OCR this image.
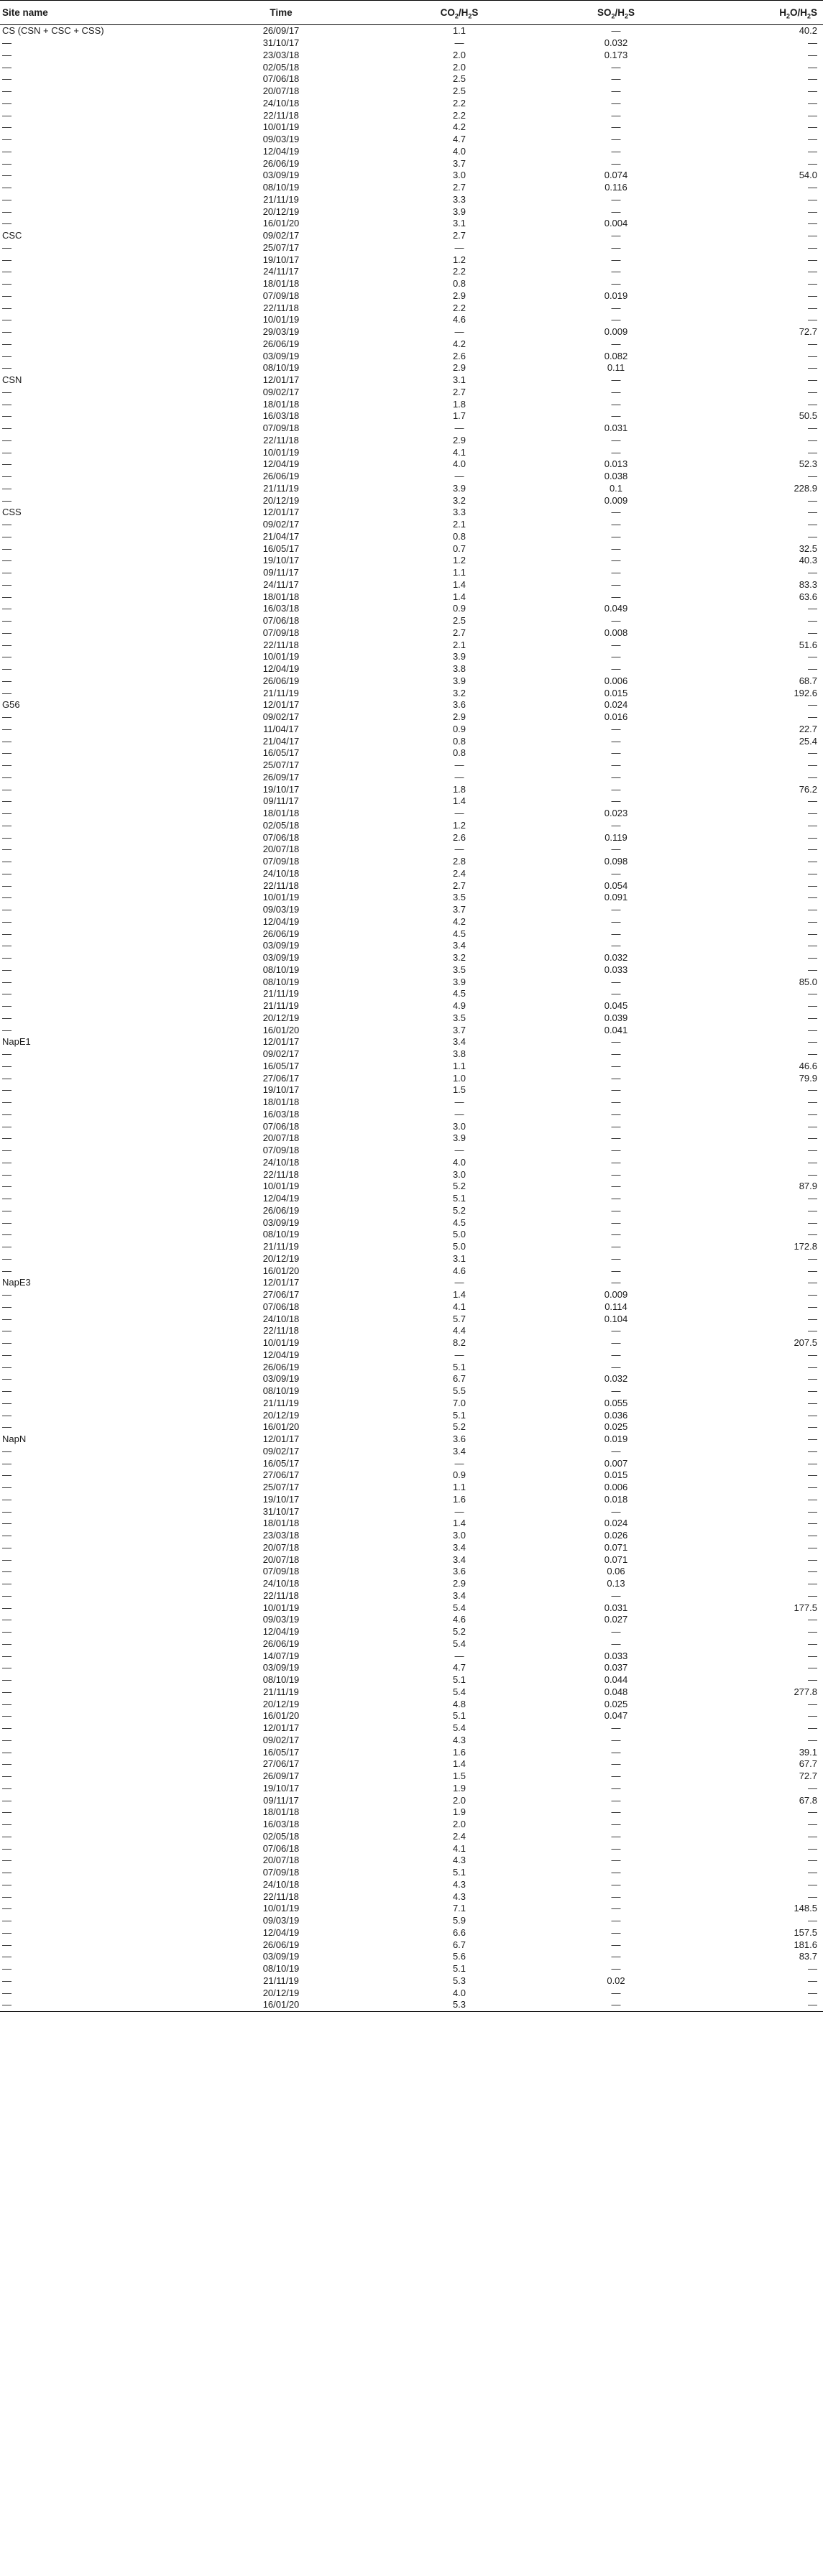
Site name	Time	$CO_2/H_2S$	$SO_2/H_2S$	$H_2O/H_2S$
CS (CSN + CSC + CSS)	26/09/17	1.1	—	40.2
—	31/10/17	—	0.032	—
—	23/03/18	2.0	0.173	—
—	02/05/18	2.0	—	—
—	07/06/18	2.5	—	—
—	20/07/18	2.5	—	—
—	24/10/18	2.2	—	—
—	22/11/18	2.2	—	—
—	10/01/19	4.2	—	—
—	09/03/19	4.7	—	—
—	12/04/19	4.0	—	—
—	26/06/19	3.7	—	—
—	03/09/19	3.0	0.074	54.0
—	08/10/19	2.7	0.116	—
—	21/11/19	3.3	—	—
—	20/12/19	3.9	—	—
—	16/01/20	3.1	0.004	—
CSC	09/02/17	2.7	—	—
—	25/07/17	—	—	—
—	19/10/17	1.2	—	—
—	24/11/17	2.2	—	—
—	18/01/18	0.8	—	—
—	07/09/18	2.9	0.019	—
—	22/11/18	2.2	—	—
—	10/01/19	4.6	—	—
—	29/03/19	—	0.009	72.7
—	26/06/19	4.2	—	—
—	03/09/19	2.6	0.082	—
—	08/10/19	2.9	0.11	—
CSN	12/01/17	3.1	—	—
—	09/02/17	2.7	—	—
—	18/01/18	1.8	—	—
—	16/03/18	1.7	—	50.5
—	07/09/18	—	0.031	—
—	22/11/18	2.9	—	—
—	10/01/19	4.1	—	—
—	12/04/19	4.0	0.013	52.3
—	26/06/19	—	0.038	—
—	21/11/19	3.9	0.1	228.9
—	20/12/19	3.2	0.009	—
CSS	12/01/17	3.3	—	—
—	09/02/17	2.1	—	—
—	21/04/17	0.8	—	—
—	16/05/17	0.7	—	32.5
—	19/10/17	1.2	—	40.3
—	09/11/17	1.1	—	—
—	24/11/17	1.4	—	83.3
—	18/01/18	1.4	—	63.6
—	16/03/18	0.9	0.049	—
—	07/06/18	2.5	—	—
—	07/09/18	2.7	0.008	—
—	22/11/18	2.1	—	51.6
—	10/01/19	3.9	—	—
—	12/04/19	3.8	—	—
—	26/06/19	3.9	0.006	68.7
—	21/11/19	3.2	0.015	192.6
G56	12/01/17	3.6	0.024	—
—	09/02/17	2.9	0.016	—
—	11/04/17	0.9	—	22.7
—	21/04/17	0.8	—	25.4
—	16/05/17	0.8	—	—
—	25/07/17	—	—	—
—	26/09/17	—	—	—
—	19/10/17	1.8	—	76.2
—	09/11/17	1.4	—	—
—	18/01/18	—	0.023	—
—	02/05/18	1.2	—	—
—	07/06/18	2.6	0.119	—
—	20/07/18	—	—	—
—	07/09/18	2.8	0.098	—
—	24/10/18	2.4	—	—
—	22/11/18	2.7	0.054	—
—	10/01/19	3.5	0.091	—
—	09/03/19	3.7	—	—
—	12/04/19	4.2	—	—
—	26/06/19	4.5	—	—
—	03/09/19	3.4	—	—
—	03/09/19	3.2	0.032	—
—	08/10/19	3.5	0.033	—
—	08/10/19	3.9	—	85.0
—	21/11/19	4.5	—	—
—	21/11/19	4.9	0.045	—
—	20/12/19	3.5	0.039	—
—	16/01/20	3.7	0.041	—
NapE1	12/01/17	3.4	—	—
—	09/02/17	3.8	—	—
—	16/05/17	1.1	—	46.6
—	27/06/17	1.0	—	79.9
—	19/10/17	1.5	—	—
—	18/01/18	—	—	—
—	16/03/18	—	—	—
—	07/06/18	3.0	—	—
—	20/07/18	3.9	—	—
—	07/09/18	—	—	—
—	24/10/18	4.0	—	—
—	22/11/18	3.0	—	—
—	10/01/19	5.2	—	87.9
—	12/04/19	5.1	—	—
—	26/06/19	5.2	—	—
—	03/09/19	4.5	—	—
—	08/10/19	5.0	—	—
—	21/11/19	5.0	—	172.8
—	20/12/19	3.1	—	—
—	16/01/20	4.6	—	—
NapE3	12/01/17	—	—	—
—	27/06/17	1.4	0.009	—
—	07/06/18	4.1	0.114	—
—	24/10/18	5.7	0.104	—
—	22/11/18	4.4	—	—
—	10/01/19	8.2	—	207.5
—	12/04/19	—	—	—
—	26/06/19	5.1	—	—
—	03/09/19	6.7	0.032	—
—	08/10/19	5.5	—	—
—	21/11/19	7.0	0.055	—
—	20/12/19	5.1	0.036	—
—	16/01/20	5.2	0.025	—
NapN	12/01/17	3.6	0.019	—
—	09/02/17	3.4	—	—
—	16/05/17	—	0.007	—
—	27/06/17	0.9	0.015	—
—	25/07/17	1.1	0.006	—
—	19/10/17	1.6	0.018	—
—	31/10/17	—	—	—
—	18/01/18	1.4	0.024	—
—	23/03/18	3.0	0.026	—
—	20/07/18	3.4	0.071	—
—	20/07/18	3.4	0.071	—
—	07/09/18	3.6	0.06	—
—	24/10/18	2.9	0.13	—
—	22/11/18	3.4	—	—
—	10/01/19	5.4	0.031	177.5
—	09/03/19	4.6	0.027	—
—	12/04/19	5.2	—	—
—	26/06/19	5.4	—	—
—	14/07/19	—	0.033	—
—	03/09/19	4.7	0.037	—
—	08/10/19	5.1	0.044	—
—	21/11/19	5.4	0.048	277.8
—	20/12/19	4.8	0.025	—
—	16/01/20	5.1	0.047	—
—	12/01/17	5.4	—	—
—	09/02/17	4.3	—	—
—	16/05/17	1.6	—	39.1
—	27/06/17	1.4	—	67.7
—	26/09/17	1.5	—	72.7
—	19/10/17	1.9	—	—
—	09/11/17	2.0	—	67.8
—	18/01/18	1.9	—	—
—	16/03/18	2.0	—	—
—	02/05/18	2.4	—	—
—	07/06/18	4.1	—	—
—	20/07/18	4.3	—	—
—	07/09/18	5.1	—	—
—	24/10/18	4.3	—	—
—	22/11/18	4.3	—	—
—	10/01/19	7.1	—	148.5
—	09/03/19	5.9	—	—
—	12/04/19	6.6	—	157.5
—	26/06/19	6.7	—	181.6
—	03/09/19	5.6	—	83.7
—	08/10/19	5.1	—	—
—	21/11/19	5.3	0.02	—
—	20/12/19	4.0	—	—
—	16/01/20	5.3	—	—
